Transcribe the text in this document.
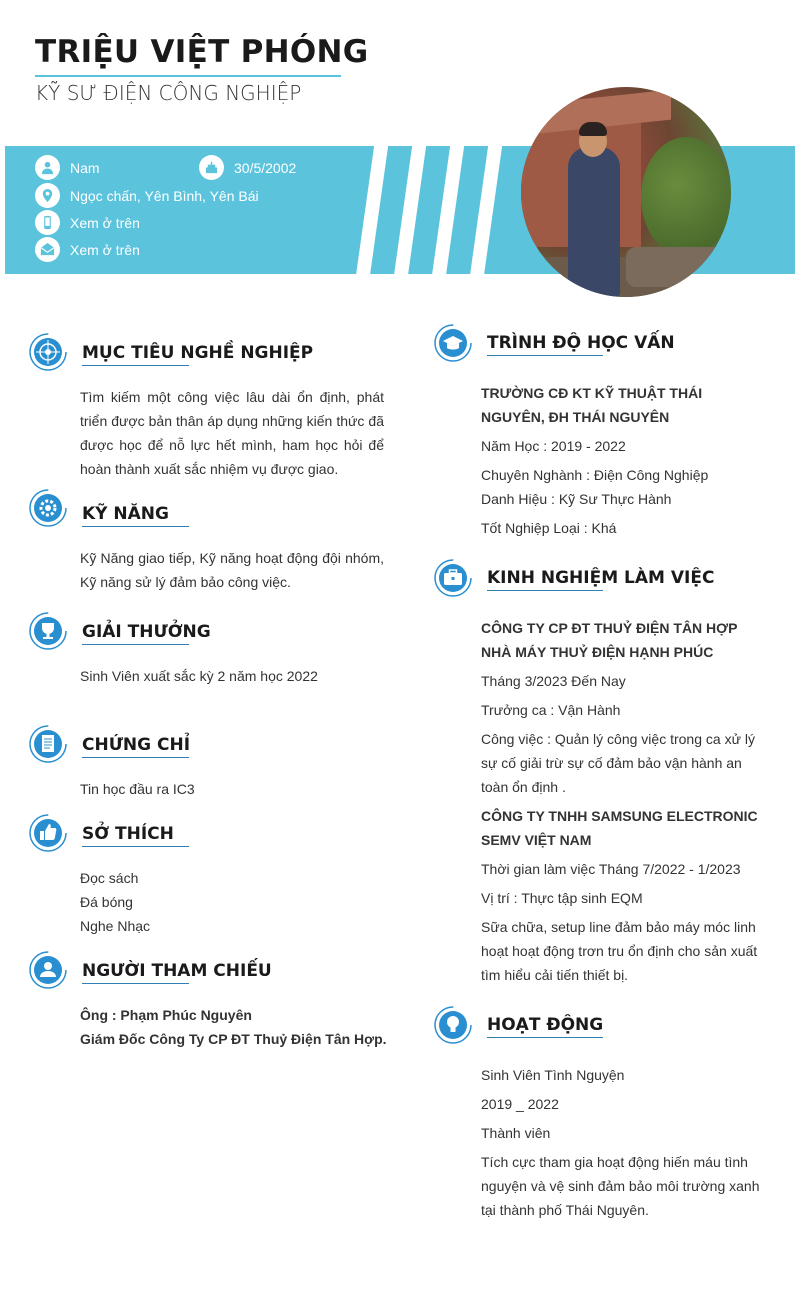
TRIỆU VIỆT PHÓNG
KỸ SƯ ĐIỆN CÔNG NGHIỆP
Nam	30/5/2002
Ngọc chấn, Yên Bình, Yên Bái
Xem ở trên
Xem ở trên
MỤC TIÊU NGHỀ NGHIỆP
Tìm kiếm một công việc lâu dài ổn định, phát triển được bản thân áp dụng những kiến thức đã được học để nỗ lực hết mình, ham học hỏi để hoàn thành xuất sắc nhiệm vụ được giao.
KỸ NĂNG
Kỹ Năng giao tiếp, Kỹ năng hoạt động đội nhóm, Kỹ năng sử lý đảm bảo công việc.
GIẢI THƯỞNG
Sinh Viên xuất sắc kỳ 2 năm học 2022
CHỨNG CHỈ
Tin học đầu ra IC3
SỞ THÍCH
Đọc sách
Đá bóng
Nghe Nhạc
NGƯỜI THAM CHIẾU
Ông : Phạm Phúc Nguyên
Giám Đốc Công Ty CP ĐT Thuỷ Điện Tân Hợp.
TRÌNH ĐỘ HỌC VẤN
TRƯỜNG CĐ KT KỸ THUẬT THÁI NGUYÊN, ĐH THÁI NGUYÊN
Năm Học : 2019 - 2022
Chuyên Nghành : Điện Công Nghiệp
Danh Hiệu : Kỹ Sư Thực Hành
Tốt Nghiệp Loại : Khá
KINH NGHIỆM LÀM VIỆC
CÔNG TY CP ĐT THUỶ ĐIỆN TÂN HỢP NHÀ MÁY THUỶ ĐIỆN HẠNH PHÚC
Tháng 3/2023 Đến Nay
Trưởng ca : Vận Hành
Công việc : Quản lý công việc trong ca xử lý sự cố giải trừ sự cố đảm bảo vận hành an toàn ổn định .
CÔNG TY TNHH SAMSUNG ELECTRONIC SEMV VIỆT NAM
Thời gian làm việc Tháng 7/2022 - 1/2023
Vị trí : Thực tập sinh EQM
Sữa chữa, setup line đảm bảo máy móc linh hoạt hoạt động trơn tru ổn định cho sản xuất tìm hiểu cải tiến thiết bị.
HOẠT ĐỘNG
Sinh Viên Tình Nguyện
2019 _ 2022
Thành viên
Tích cực tham gia hoạt động hiến máu tình nguyện và vệ sinh đảm bảo môi trường xanh tại thành phố Thái Nguyên.
